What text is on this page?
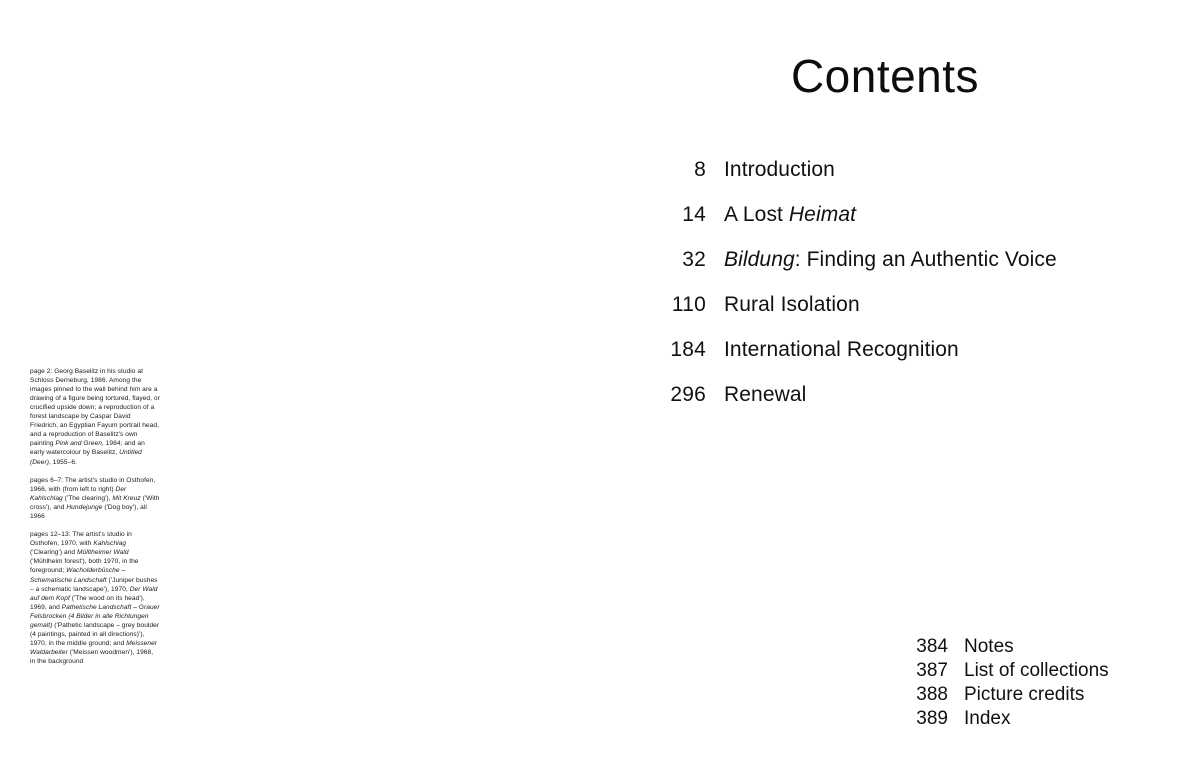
Contents

page 2: Georg Baselitz in his studio at Schloss Derneburg, 1986. Among the images pinned to the wall behind him are a drawing of a figure being tortured, flayed, or crucified upside down; a reproduction of a forest landscape by Caspar David Friedrich, an Egyptian Fayum portrait head, and a reproduction of Baselitz's own painting Pink and Green, 1984; and an early watercolour by Baselitz, Untitled (Deer), 1955–6.

pages 6–7: The artist's studio in Osthofen, 1966, with (from left to right) Der Kahlschlag ('The clearing'), Mit Kreuz ('With cross'), and Hundejunge ('Dog boy'), all 1966

pages 12–13: The artist's studio in Osthofen, 1970, with Kahlschlag ('Clearing') and Mülltheimer Wald ('Mühlheim forest'), both 1970, in the foreground; Wacholderbüsche – Schematische Landschaft ('Juniper bushes – a schematic landscape'), 1970, Der Wald auf dem Kopf ('The wood on its head'), 1969, and Pathetische Landschaft – Grauer Felsbrocken (4 Bilder in alle Richtungen gemalt) ('Pathetic landscape – grey boulder (4 paintings, painted in all directions)'), 1970, in the middle ground; and Meissener Waldarbeiter ('Meissen woodmen'), 1968, in the background

8 Introduction
14 A Lost Heimat
32 Bildung: Finding an Authentic Voice
110 Rural Isolation
184 International Recognition
296 Renewal
384 Notes
387 List of collections
388 Picture credits
389 Index
